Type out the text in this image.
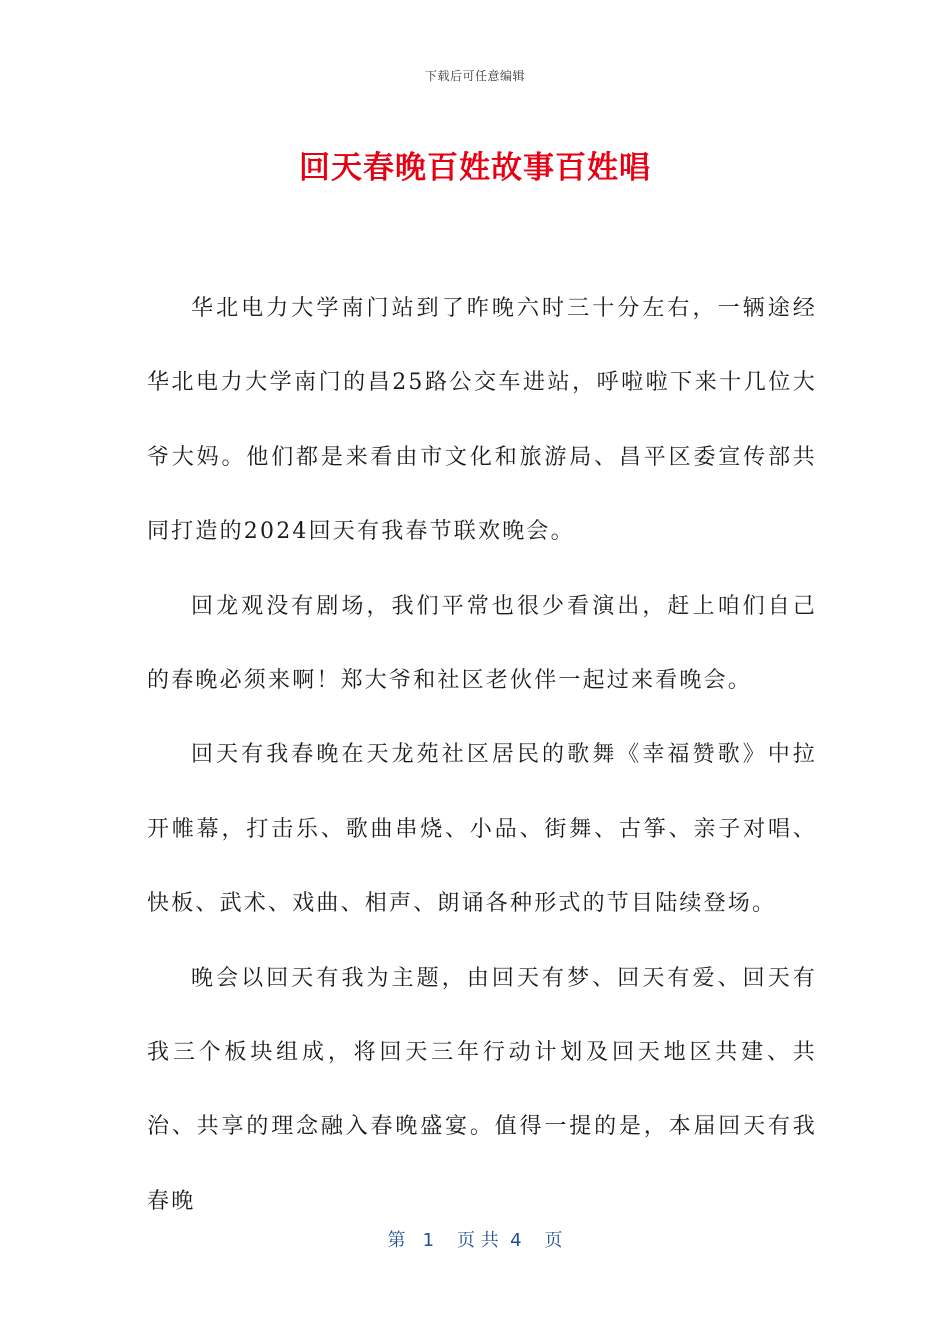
下载后可任意编辑
回天春晚百姓故事百姓唱

华北电力大学南门站到了昨晚六时三十分左右，一辆途经华北电力大学南门的昌25路公交车进站，呼啦啦下来十几位大爷大妈。他们都是来看由市文化和旅游局、昌平区委宣传部共同打造的2024回天有我春节联欢晚会。

回龙观没有剧场，我们平常也很少看演出，赶上咱们自己的春晚必须来啊！郑大爷和社区老伙伴一起过来看晚会。

回天有我春晚在天龙苑社区居民的歌舞《幸福赞歌》中拉开帷幕，打击乐、歌曲串烧、小品、街舞、古筝、亲子对唱、快板、武术、戏曲、相声、朗诵各种形式的节目陆续登场。

晚会以回天有我为主题，由回天有梦、回天有爱、回天有我三个板块组成，将回天三年行动计划及回天地区共建、共治、共享的理念融入春晚盛宴。值得一提的是，本届回天有我春晚

第   1    页 共  4    页
